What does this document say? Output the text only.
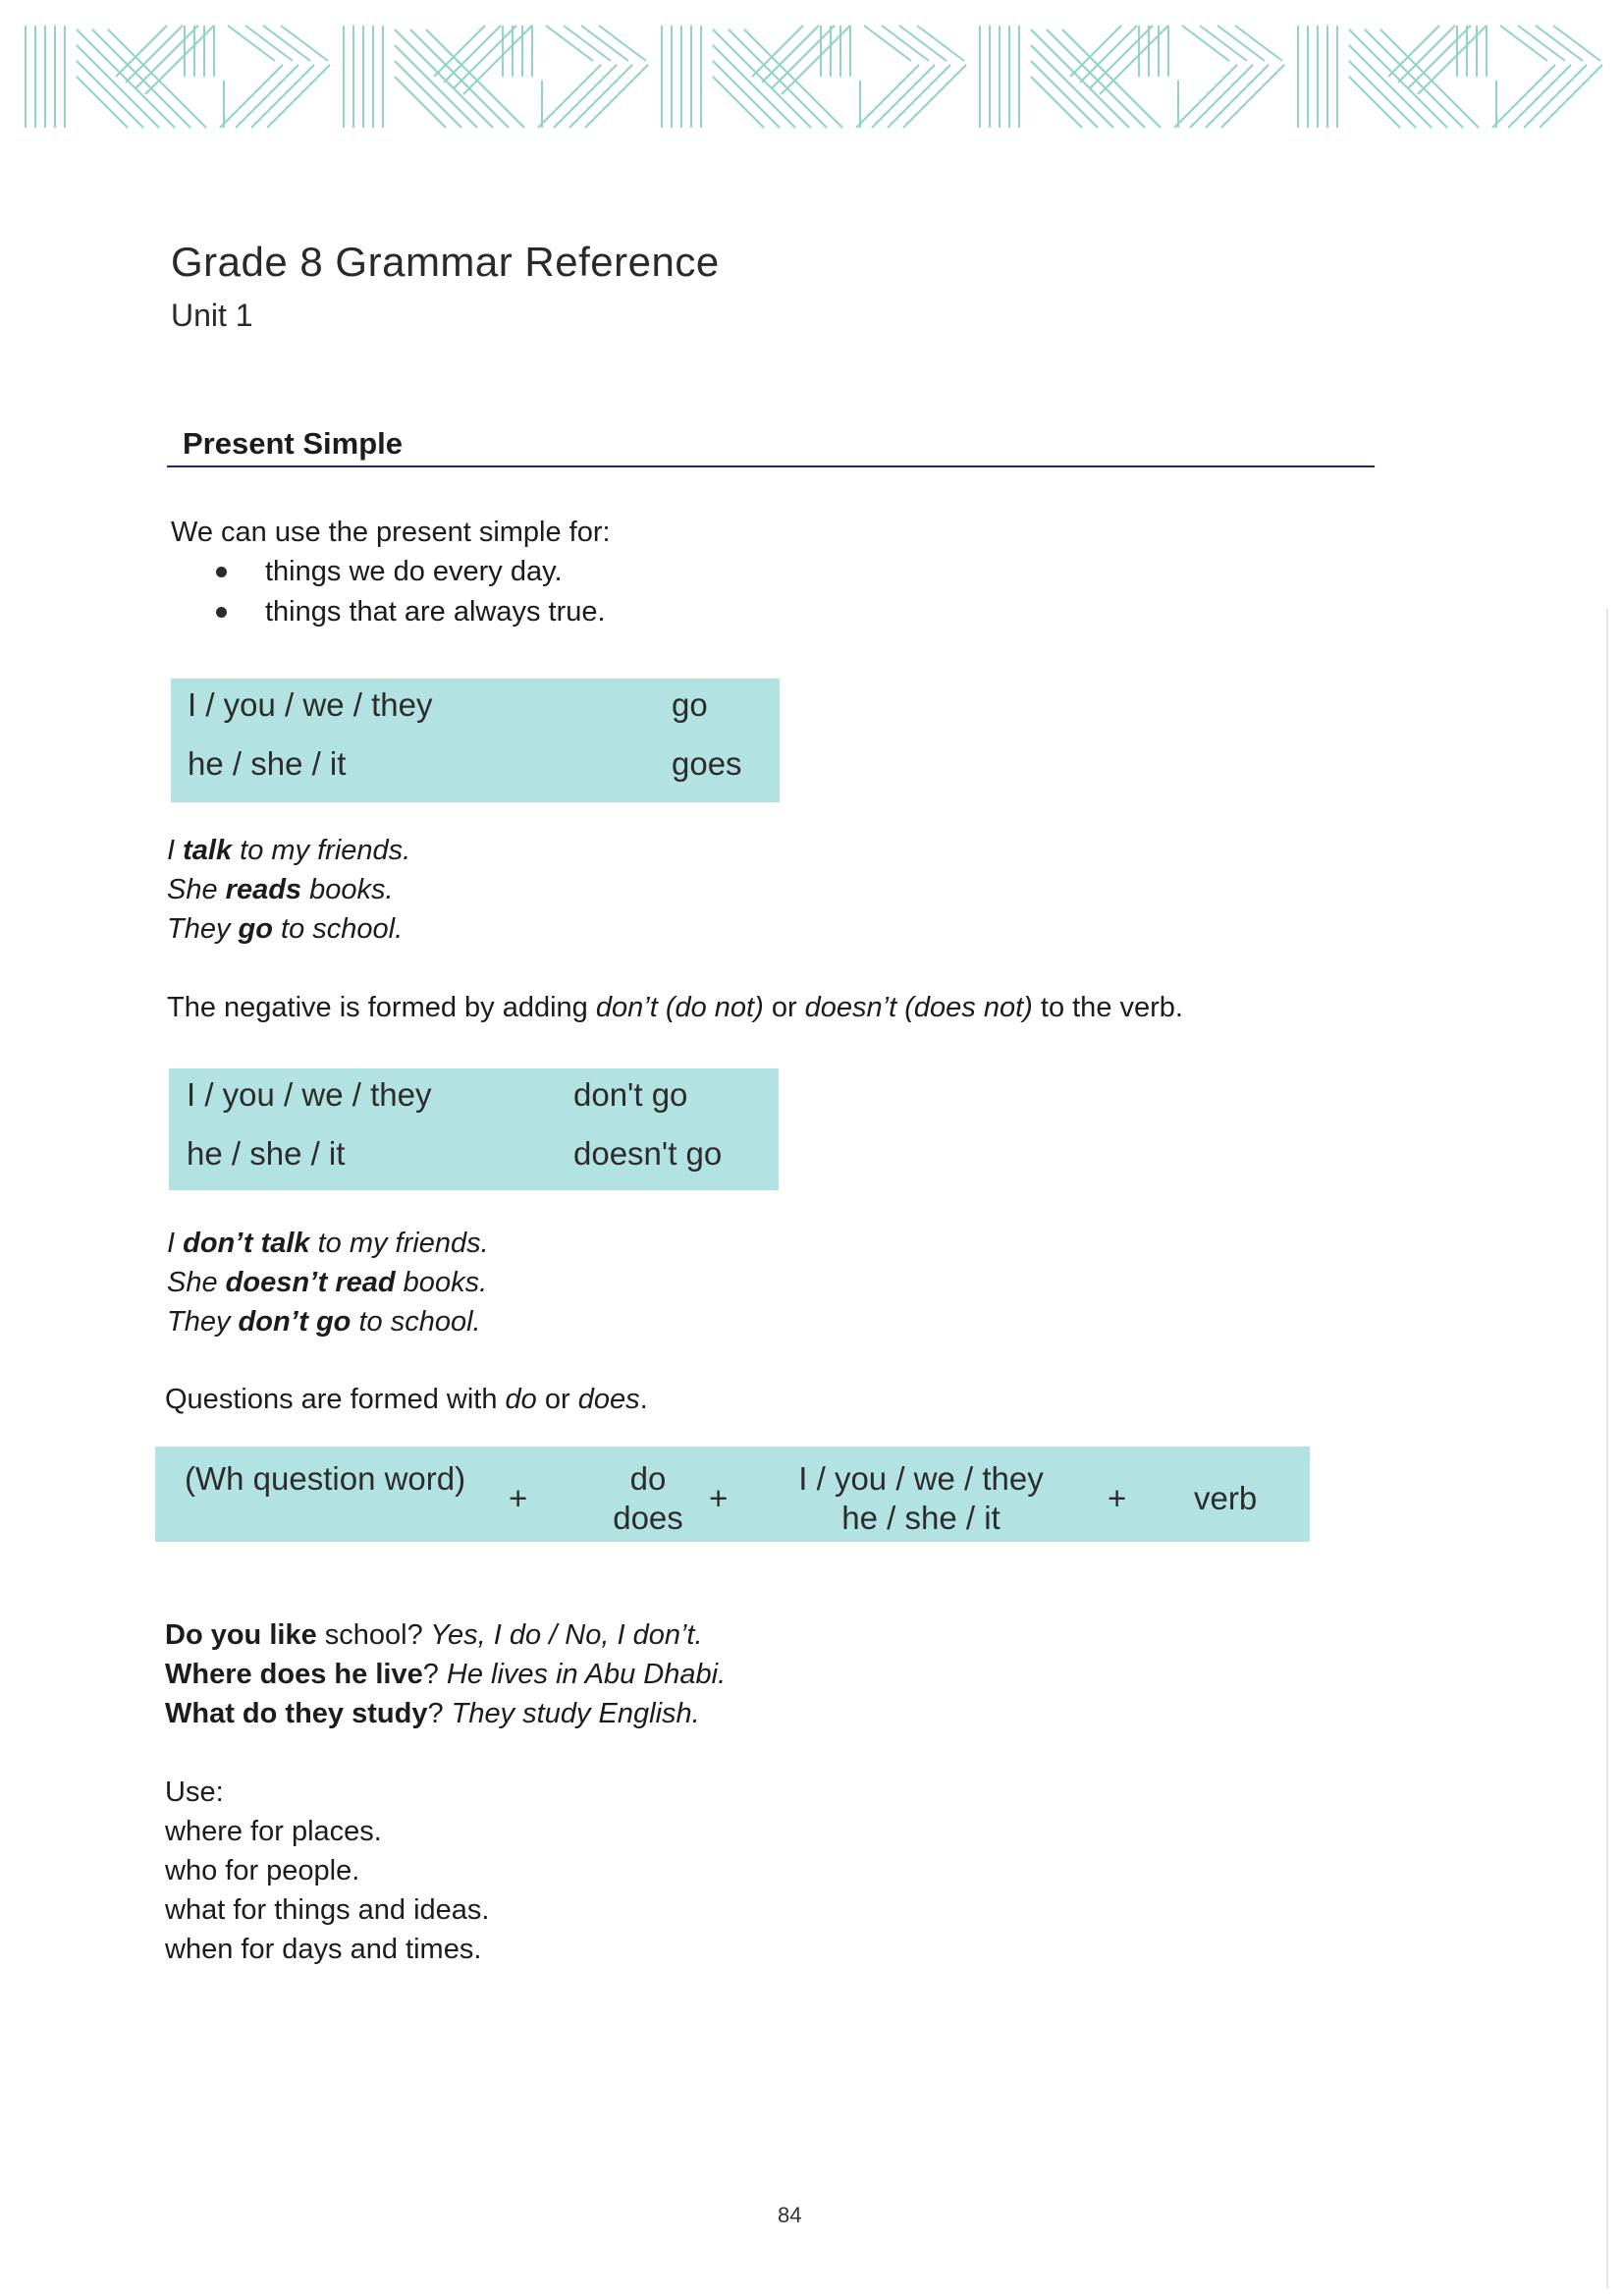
Grade 8 Grammar Reference
Unit 1
Present Simple
We can use the present simple for:
things we do every day.
things that are always true.
I / you / we / they	go
he / she / it	goes
I talk to my friends.
She reads books.
They go to school.
The negative is formed by adding don’t (do not) or doesn’t (does not) to the verb.
I / you / we / they	don't go
he / she / it	doesn't go
I don’t talk to my friends.
She doesn’t read books.
They don’t go to school.
Questions are formed with do or does.
(Wh question word)
+
do
does
+
I / you / we / they
he / she / it
+ verb
Do you like school? Yes, I do / No, I don’t.
Where does he live? He lives in Abu Dhabi.
What do they study? They study English.
Use:
where for places.
who for people.
what for things and ideas.
when for days and times.
84
